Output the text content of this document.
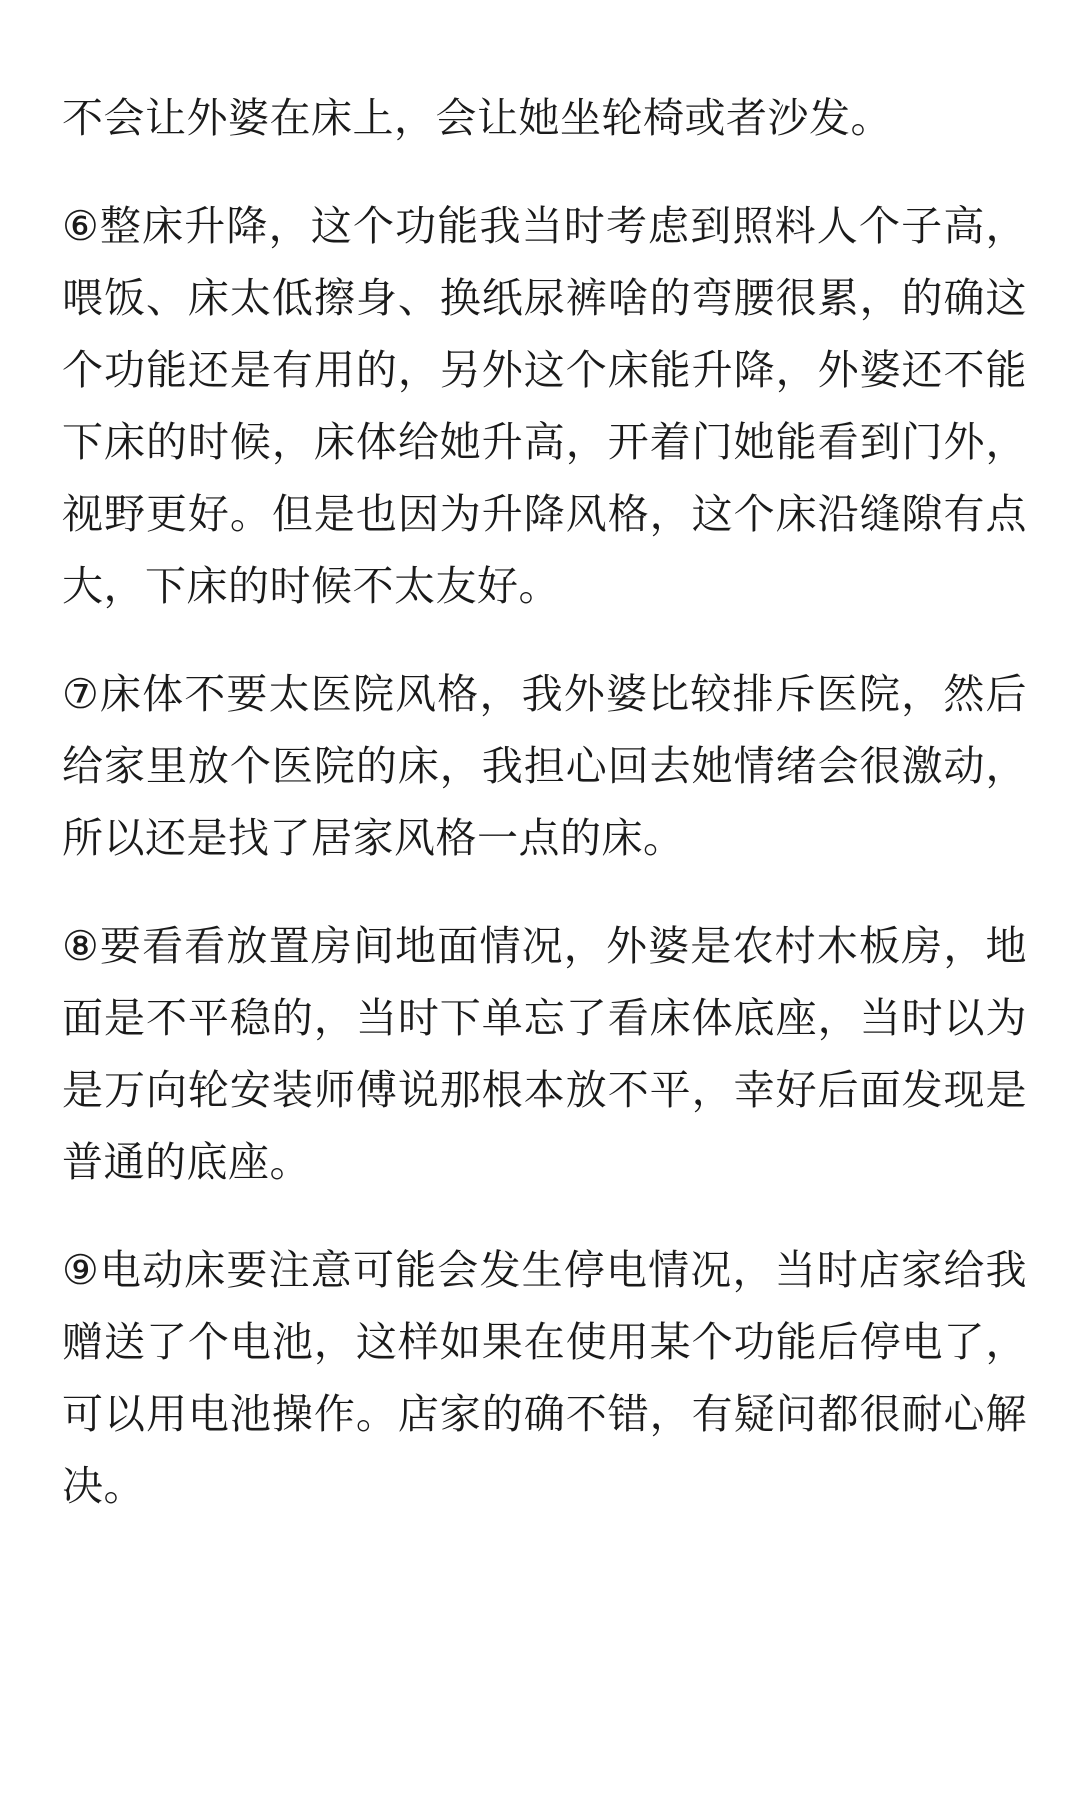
不会让外婆在床上，会让她坐轮椅或者沙发。

⑥整床升降，这个功能我当时考虑到照料人个子高，喂饭、床太低擦身、换纸尿裤啥的弯腰很累，的确这个功能还是有用的，另外这个床能升降，外婆还不能下床的时候，床体给她升高，开着门她能看到门外，视野更好。但是也因为升降风格，这个床沿缝隙有点大，下床的时候不太友好。

⑦床体不要太医院风格，我外婆比较排斥医院，然后给家里放个医院的床，我担心回去她情绪会很激动，所以还是找了居家风格一点的床。

⑧要看看放置房间地面情况，外婆是农村木板房，地面是不平稳的，当时下单忘了看床体底座，当时以为是万向轮安装师傅说那根本放不平，幸好后面发现是普通的底座。

⑨电动床要注意可能会发生停电情况，当时店家给我赠送了个电池，这样如果在使用某个功能后停电了，可以用电池操作。店家的确不错，有疑问都很耐心解决。
